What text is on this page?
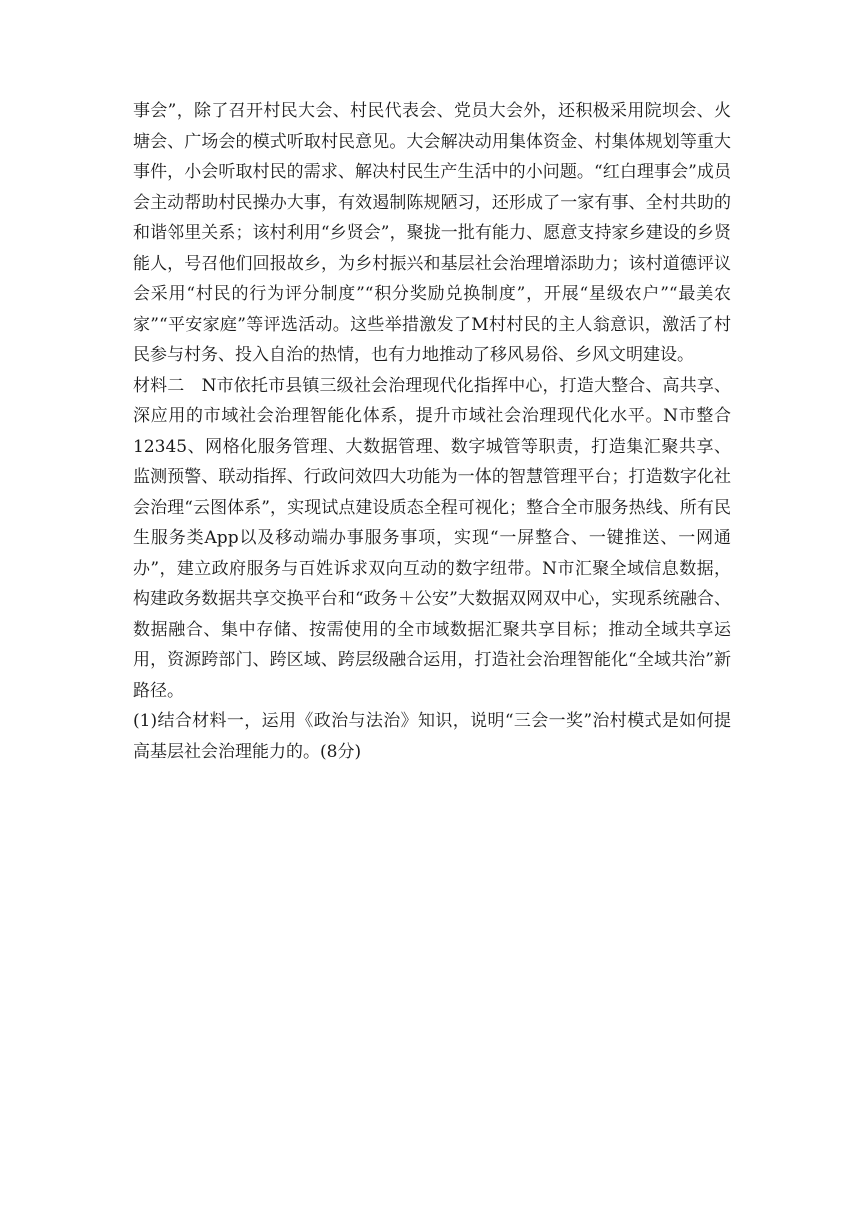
事会”，除了召开村民大会、村民代表会、党员大会外，还积极采用院坝会、火塘会、广场会的模式听取村民意见。大会解决动用集体资金、村集体规划等重大事件，小会听取村民的需求、解决村民生产生活中的小问题。“红白理事会”成员会主动帮助村民操办大事，有效遏制陈规陋习，还形成了一家有事、全村共助的和谐邻里关系；该村利用“乡贤会”，聚拢一批有能力、愿意支持家乡建设的乡贤能人，号召他们回报故乡，为乡村振兴和基层社会治理增添助力；该村道德评议会采用“村民的行为评分制度”“积分奖励兑换制度”，开展“星级农户”“最美农家”“平安家庭”等评选活动。这些举措激发了M村村民的主人翁意识，激活了村民参与村务、投入自治的热情，也有力地推动了移风易俗、乡风文明建设。

材料二　N市依托市县镇三级社会治理现代化指挥中心，打造大整合、高共享、深应用的市域社会治理智能化体系，提升市域社会治理现代化水平。N市整合12345、网格化服务管理、大数据管理、数字城管等职责，打造集汇聚共享、监测预警、联动指挥、行政问效四大功能为一体的智慧管理平台；打造数字化社会治理“云图体系”，实现试点建设质态全程可视化；整合全市服务热线、所有民生服务类App以及移动端办事服务事项，实现“一屏整合、一键推送、一网通办”，建立政府服务与百姓诉求双向互动的数字纽带。N市汇聚全域信息数据，构建政务数据共享交换平台和“政务＋公安”大数据双网双中心，实现系统融合、数据融合、集中存储、按需使用的全市域数据汇聚共享目标；推动全域共享运用，资源跨部门、跨区域、跨层级融合运用，打造社会治理智能化“全域共治”新路径。

(1)结合材料一，运用《政治与法治》知识，说明“三会一奖”治村模式是如何提高基层社会治理能力的。(8分)
